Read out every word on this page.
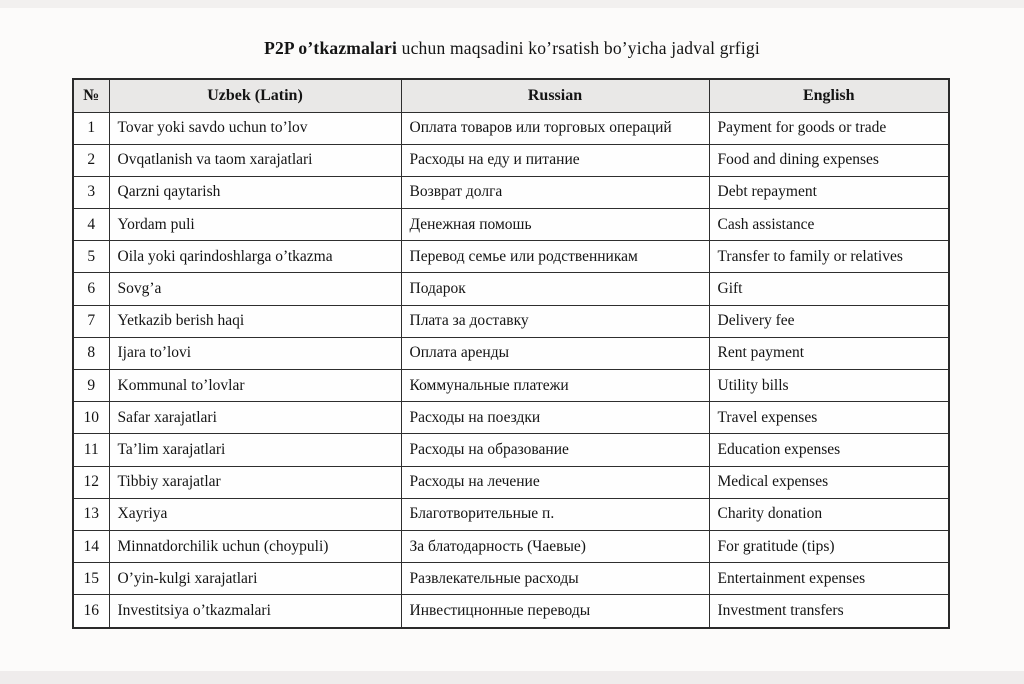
P2P o’tkazmalari uchun maqsadini ko’rsatish bo’yicha jadval grfigi
№	Uzbek (Latin)	Russian	English
1	Tovar yoki savdo uchun to’lov	Оплата товаров или торговых операций	Payment for goods or trade
2	Ovqatlanish va taom xarajatlari	Расходы на еду и питание	Food and dining expenses
3	Qarzni qaytarish	Возврат долга	Debt repayment
4	Yordam puli	Денежная помошь	Cash assistance
5	Oila yoki qarindoshlarga o’tkazma	Перевод семье или родственникам	Transfer to family or relatives
6	Sovg’a	Подарок	Gift
7	Yetkazib berish haqi	Плата за доставку	Delivery fee
8	Ijara to’lovi	Оплата аренды	Rent payment
9	Kommunal to’lovlar	Коммунальные платежи	Utility bills
10	Safar xarajatlari	Расходы на поездки	Travel expenses
11	Ta’lim xarajatlari	Расходы на образование	Education expenses
12	Tibbiy xarajatlar	Расходы на лечение	Medical expenses
13	Xayriya	Благотворительные п.	Charity donation
14	Minnatdorchilik uchun (choypuli)	За блатодарность (Чаевые)	For gratitude (tips)
15	O’yin-kulgi xarajatlari	Развлекательные расходы	Entertainment expenses
16	Investitsiya o’tkazmalari	Инвестицнонные переводы	Investment transfers
